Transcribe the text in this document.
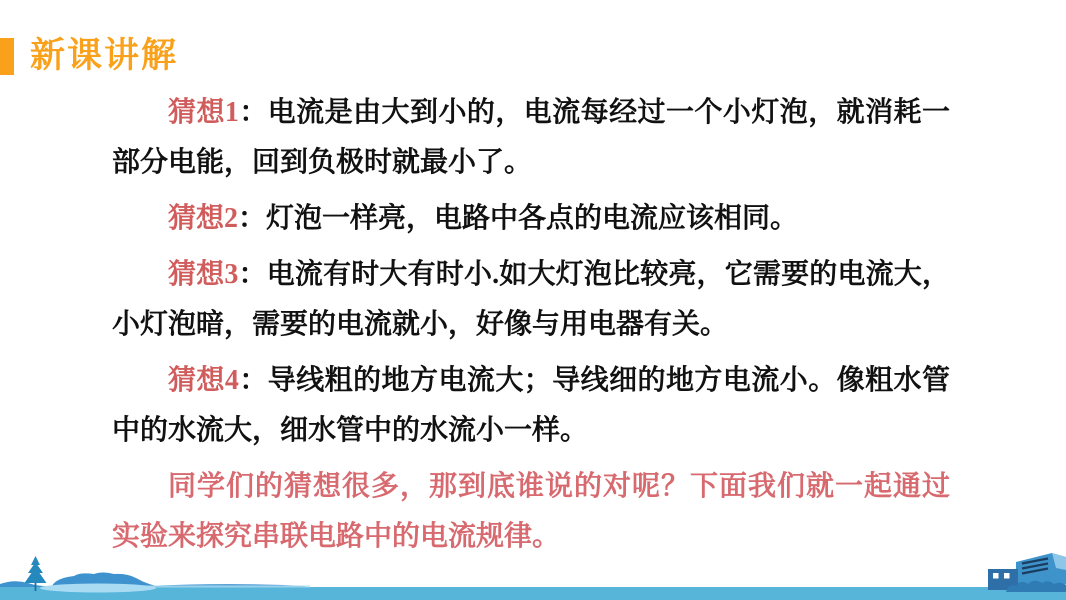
新课讲解

猜想1：电流是由大到小的，电流每经过一个小灯泡，就消耗一部分电能，回到负极时就最小了。

猜想2：灯泡一样亮，电路中各点的电流应该相同。

猜想3：电流有时大有时小.如大灯泡比较亮，它需要的电流大，小灯泡暗，需要的电流就小，好像与用电器有关。

猜想4：导线粗的地方电流大；导线细的地方电流小。像粗水管中的水流大，细水管中的水流小一样。

同学们的猜想很多，那到底谁说的对呢？下面我们就一起通过实验来探究串联电路中的电流规律。
